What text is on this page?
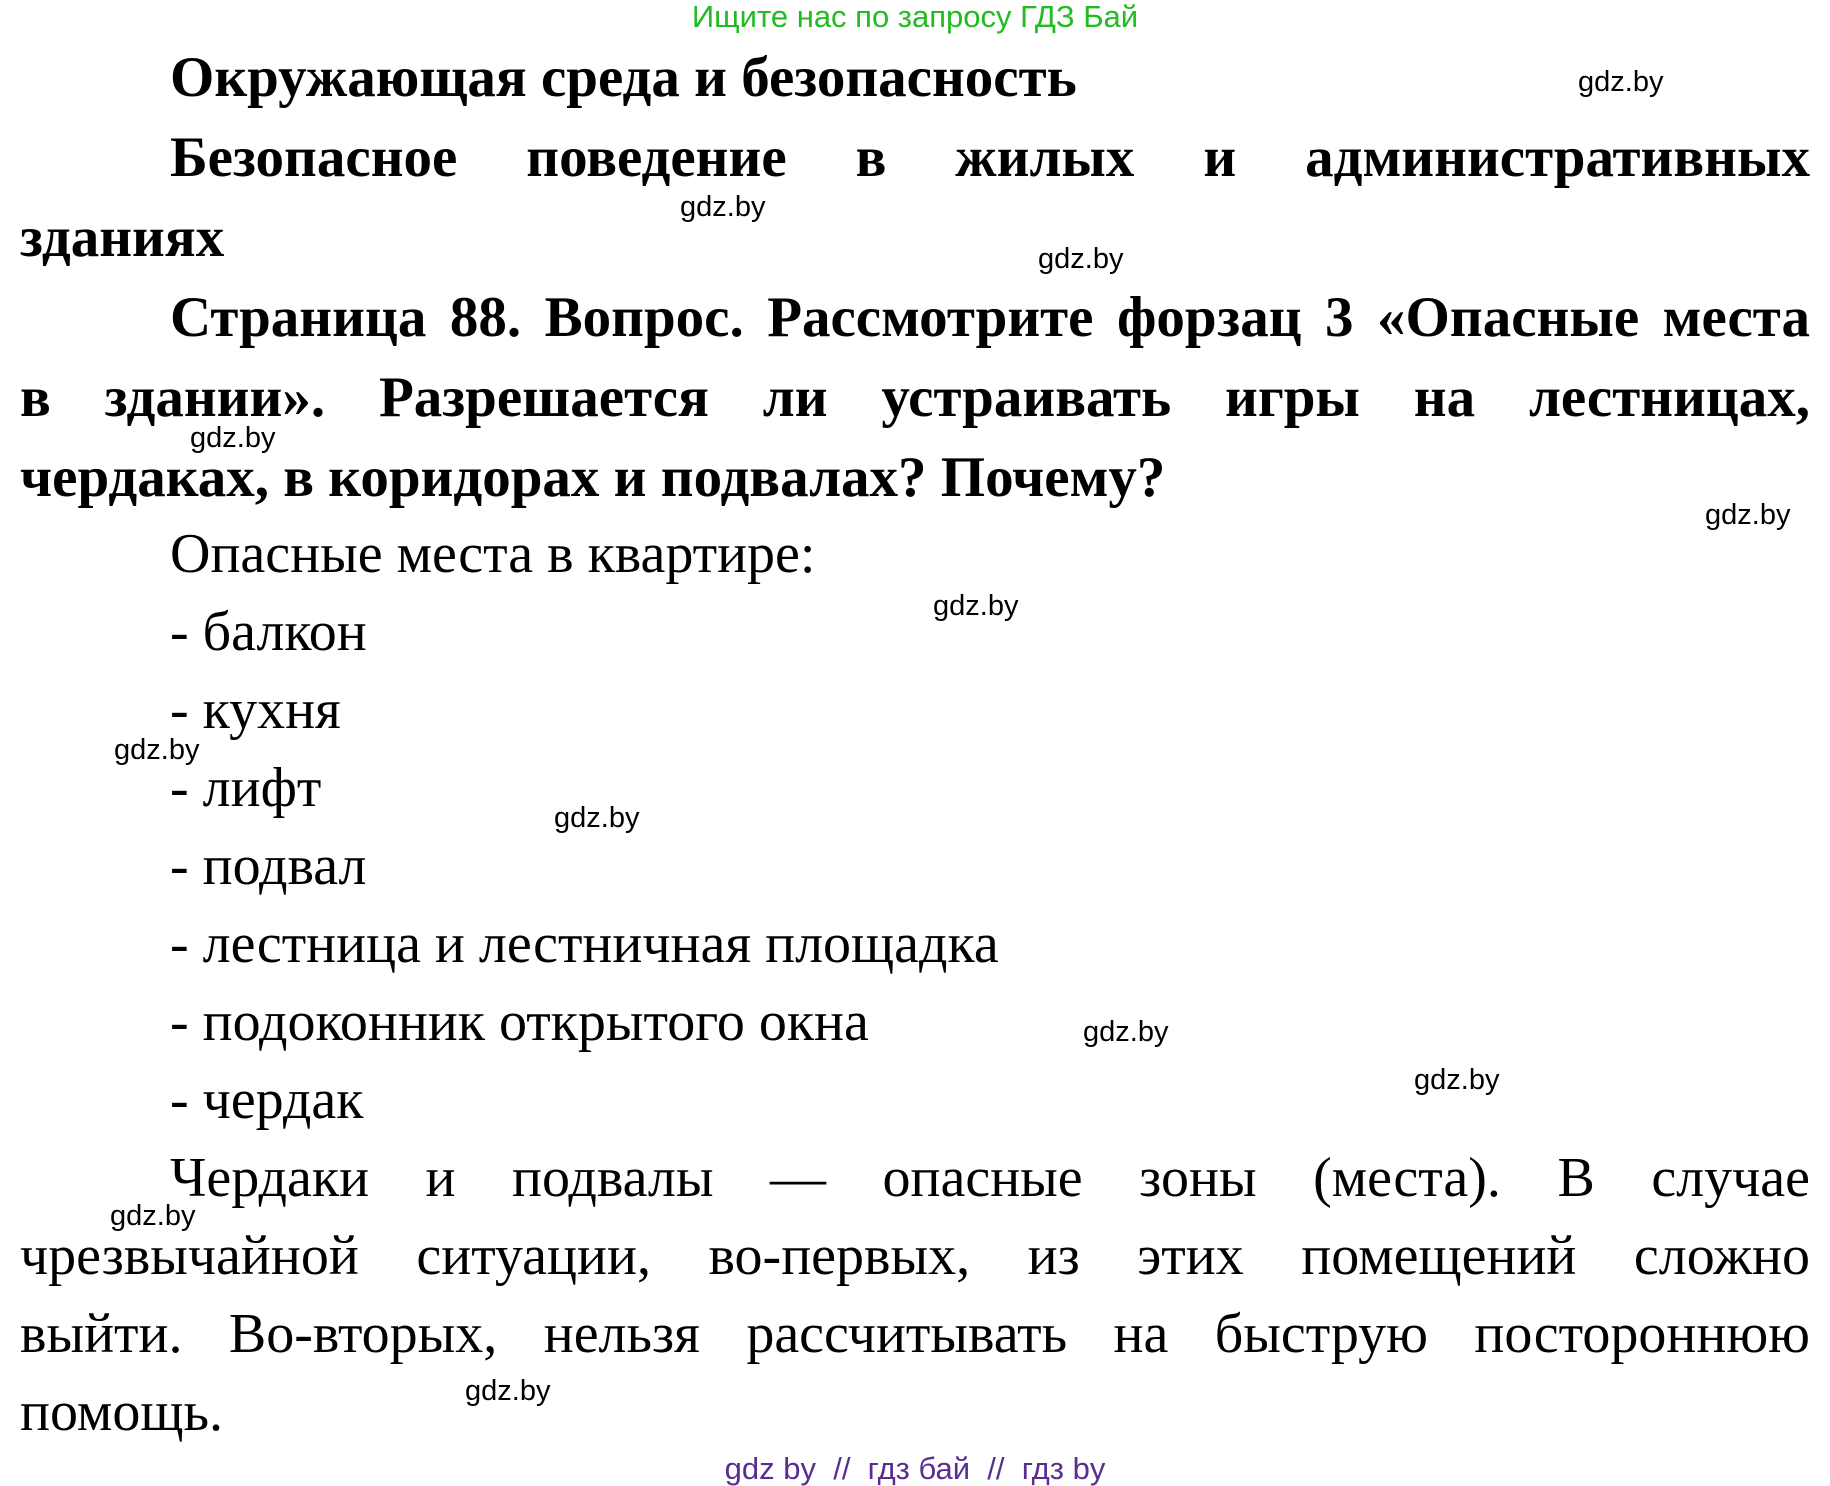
Ищите нас по запросу ГДЗ Бай
Окружающая среда и безопасность
Безопасное поведение в жилых и административных
зданиях
Страница 88. Вопрос. Рассмотрите форзац 3 «Опасные места
в здании». Разрешается ли устраивать игры на лестницах,
чердаках, в коридорах и подвалах? Почему?
Опасные места в квартире:
- балкон
- кухня
- лифт
- подвал
- лестница и лестничная площадка
- подоконник открытого окна
- чердак
Чердаки и подвалы — опасные зоны (места). В случае
чрезвычайной ситуации, во-первых, из этих помещений сложно
выйти. Во-вторых, нельзя рассчитывать на быструю постороннюю
помощь.
gdz.by
gdz.by
gdz.by
gdz.by
gdz.by
gdz.by
gdz.by
gdz.by
gdz.by
gdz.by
gdz.by
gdz.by
gdz by  //  гдз бай  //  гдз by
